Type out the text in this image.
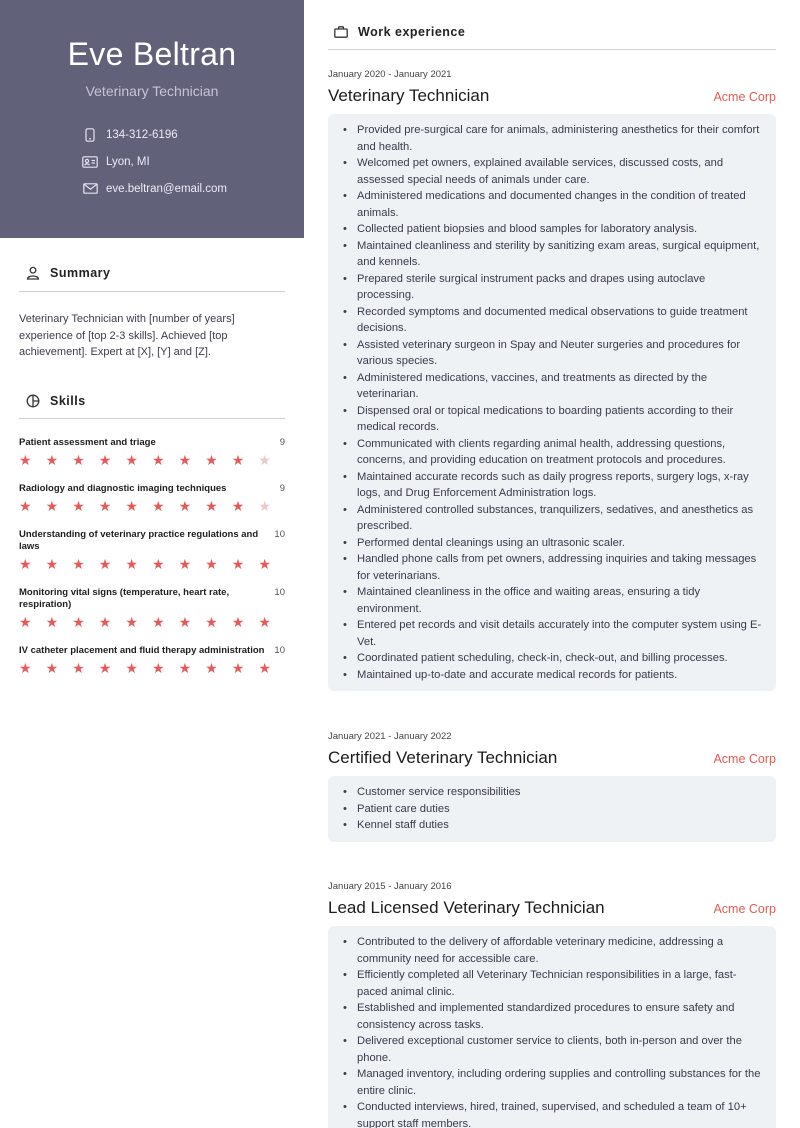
Eve Beltran
Veterinary Technician
134-312-6196
Lyon, MI
eve.beltran@email.com
Summary
Veterinary Technician with [number of years] experience of [top 2-3 skills]. Achieved [top achievement]. Expert at [X], [Y] and [Z].
Skills
Patient assessment and triage	9
★	★	★	★	★	★	★	★	★	★
Radiology and diagnostic imaging techniques	9
★	★	★	★	★	★	★	★	★	★
Understanding of veterinary practice regulations and laws
10
★	★	★	★	★	★	★	★	★	★
Monitoring vital signs (temperature, heart rate, respiration)
10
★	★	★	★	★	★	★	★	★	★
IV catheter placement and fluid therapy administration	10
★	★	★	★	★	★	★	★	★	★
Work experience
January 2020 - January 2021
Veterinary Technician	Acme Corp
• Provided pre-surgical care for animals, administering anesthetics for their comfort and health.
• Welcomed pet owners, explained available services, discussed costs, and assessed special needs of animals under care.
• Administered medications and documented changes in the condition of treated animals.
• Collected patient biopsies and blood samples for laboratory analysis.
• Maintained cleanliness and sterility by sanitizing exam areas, surgical equipment, and kennels.
• Prepared sterile surgical instrument packs and drapes using autoclave processing.
• Recorded symptoms and documented medical observations to guide treatment decisions.
• Assisted veterinary surgeon in Spay and Neuter surgeries and procedures for various species.
• Administered medications, vaccines, and treatments as directed by the veterinarian.
• Dispensed oral or topical medications to boarding patients according to their medical records.
• Communicated with clients regarding animal health, addressing questions, concerns, and providing education on treatment protocols and procedures.
• Maintained accurate records such as daily progress reports, surgery logs, x-ray logs, and Drug Enforcement Administration logs.
• Administered controlled substances, tranquilizers, sedatives, and anesthetics as prescribed.
• Performed dental cleanings using an ultrasonic scaler.
• Handled phone calls from pet owners, addressing inquiries and taking messages for veterinarians.
• Maintained cleanliness in the office and waiting areas, ensuring a tidy environment.
• Entered pet records and visit details accurately into the computer system using E-Vet.
• Coordinated patient scheduling, check-in, check-out, and billing processes.
• Maintained up-to-date and accurate medical records for patients.
January 2021 - January 2022
Certified Veterinary Technician	Acme Corp
• Customer service responsibilities
• Patient care duties
• Kennel staff duties
January 2015 - January 2016
Lead Licensed Veterinary Technician	Acme Corp
• Contributed to the delivery of affordable veterinary medicine, addressing a community need for accessible care.
• Efficiently completed all Veterinary Technician responsibilities in a large, fast-paced animal clinic.
• Established and implemented standardized procedures to ensure safety and consistency across tasks.
• Delivered exceptional customer service to clients, both in-person and over the phone.
• Managed inventory, including ordering supplies and controlling substances for the entire clinic.
• Conducted interviews, hired, trained, supervised, and scheduled a team of 10+ support staff members.
